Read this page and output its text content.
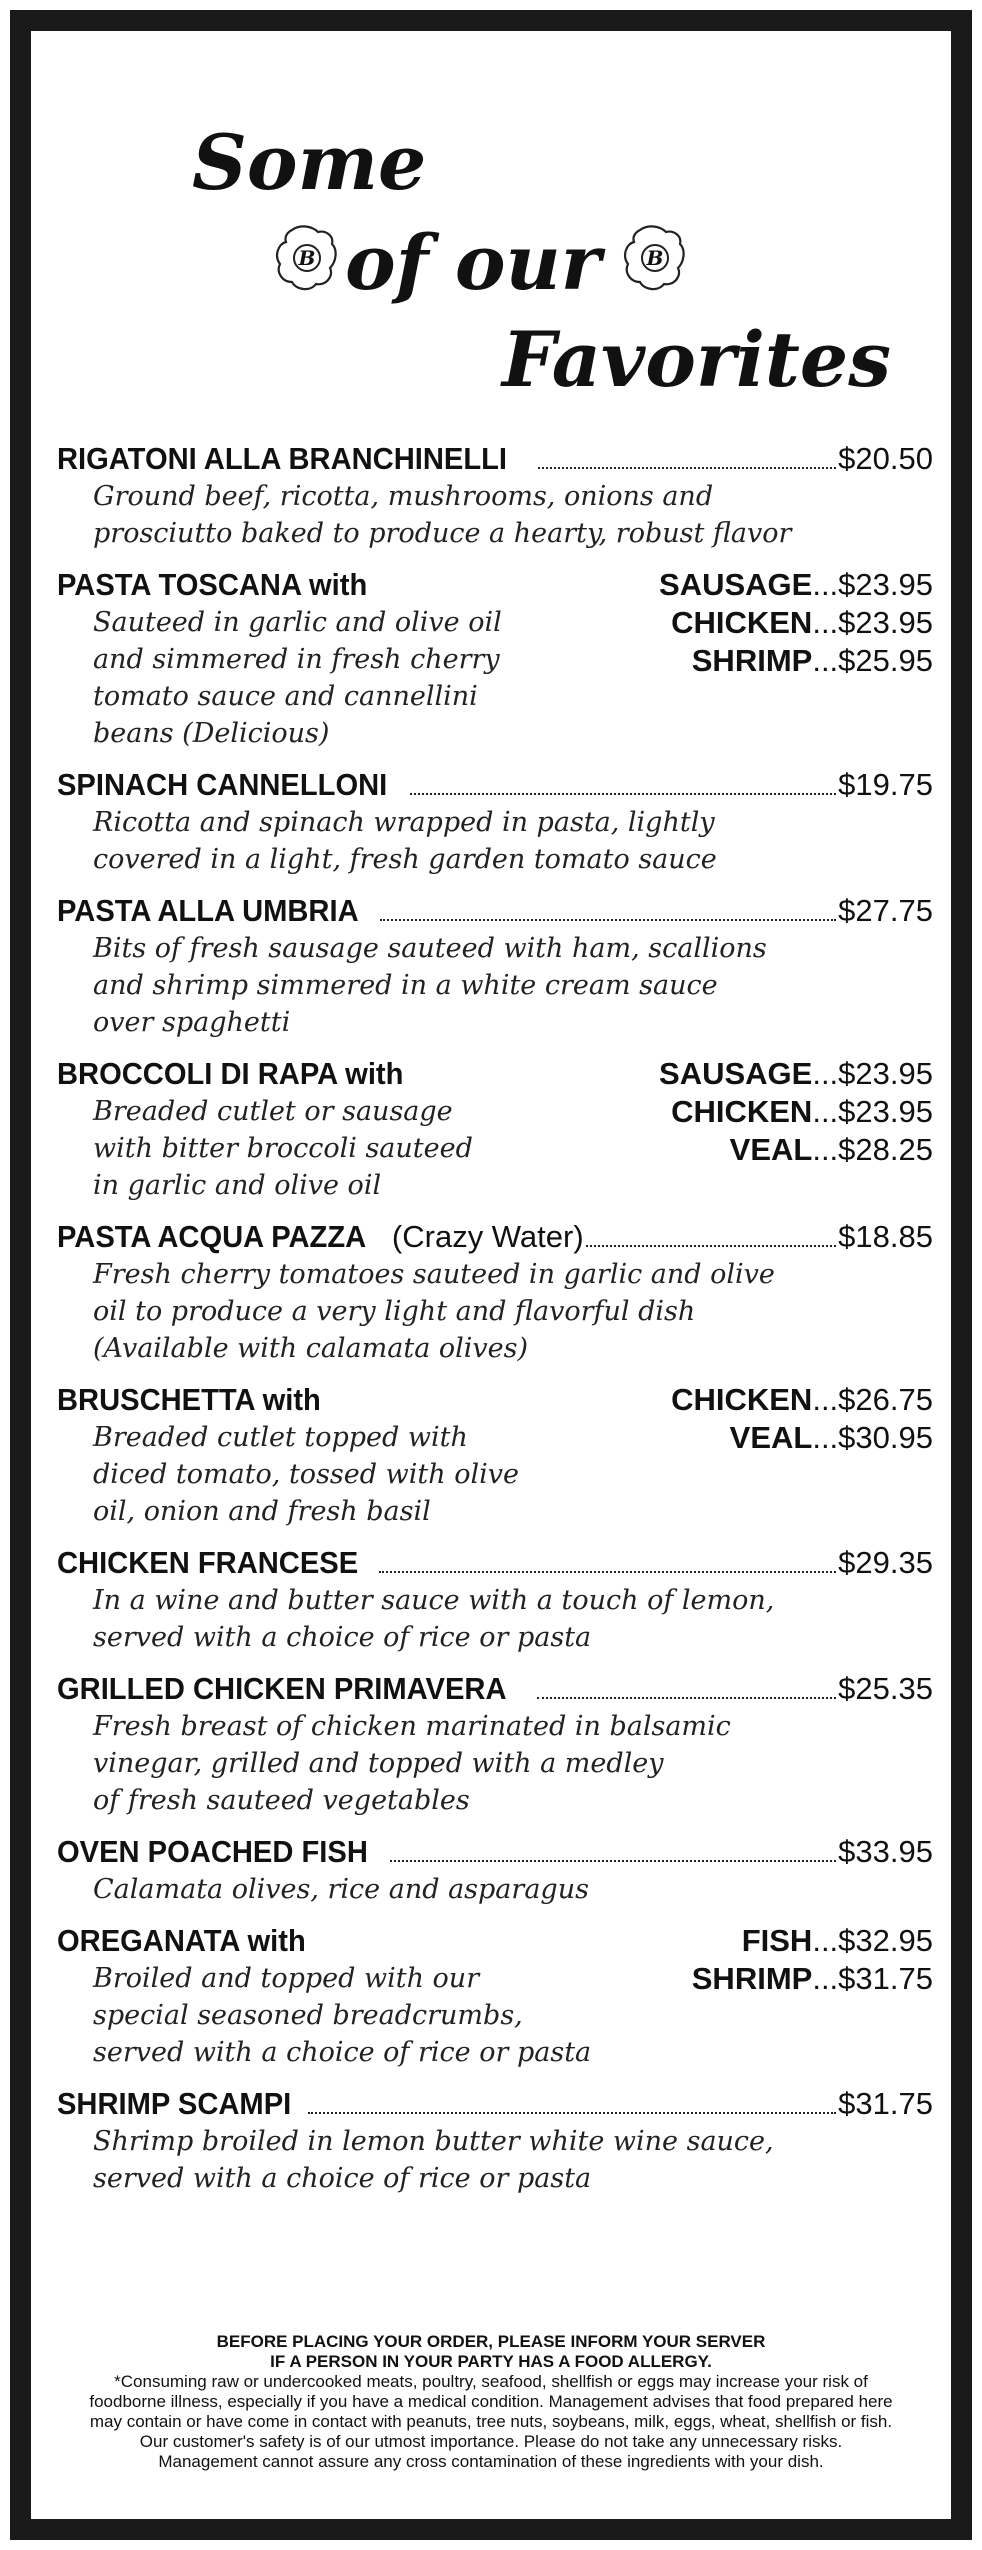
Some
of our
Favorites
B	B
RIGATONI ALLA BRANCHINELLI	$20.50
Ground beef, ricotta, mushrooms, onions and
prosciutto baked to produce a hearty, robust flavor
PASTA TOSCANA with
Sauteed in garlic and olive oil
and simmered in fresh cherry
tomato sauce and cannellini
beans (Delicious)
SAUSAGE...$23.95
CHICKEN...$23.95
SHRIMP...$25.95
SPINACH CANNELLONI	$19.75
Ricotta and spinach wrapped in pasta, lightly
covered in a light, fresh garden tomato sauce
PASTA ALLA UMBRIA	$27.75
Bits of fresh sausage sauteed with ham, scallions
and shrimp simmered in a white cream sauce
over spaghetti
BROCCOLI DI RAPA with
Breaded cutlet or sausage
with bitter broccoli sauteed
in garlic and olive oil
SAUSAGE...$23.95
CHICKEN...$23.95
VEAL...$28.25
PASTA ACQUA PAZZA (Crazy Water)	$18.85
Fresh cherry tomatoes sauteed in garlic and olive
oil to produce a very light and flavorful dish
(Available with calamata olives)
BRUSCHETTA with
Breaded cutlet topped with
diced tomato, tossed with olive
oil, onion and fresh basil
CHICKEN...$26.75
VEAL...$30.95
CHICKEN FRANCESE	$29.35
In a wine and butter sauce with a touch of lemon,
served with a choice of rice or pasta
GRILLED CHICKEN PRIMAVERA	$25.35
Fresh breast of chicken marinated in balsamic
vinegar, grilled and topped with a medley
of fresh sauteed vegetables
OVEN POACHED FISH	$33.95
Calamata olives, rice and asparagus
OREGANATA with
Broiled and topped with our
special seasoned breadcrumbs,
served with a choice of rice or pasta
FISH...$32.95
SHRIMP...$31.75
SHRIMP SCAMPI	$31.75
Shrimp broiled in lemon butter white wine sauce,
served with a choice of rice or pasta
BEFORE PLACING YOUR ORDER, PLEASE INFORM YOUR SERVER
IF A PERSON IN YOUR PARTY HAS A FOOD ALLERGY.
*Consuming raw or undercooked meats, poultry, seafood, shellfish or eggs may increase your risk of
foodborne illness, especially if you have a medical condition. Management advises that food prepared here
may contain or have come in contact with peanuts, tree nuts, soybeans, milk, eggs, wheat, shellfish or fish.
Our customer's safety is of our utmost importance. Please do not take any unnecessary risks.
Management cannot assure any cross contamination of these ingredients with your dish.
